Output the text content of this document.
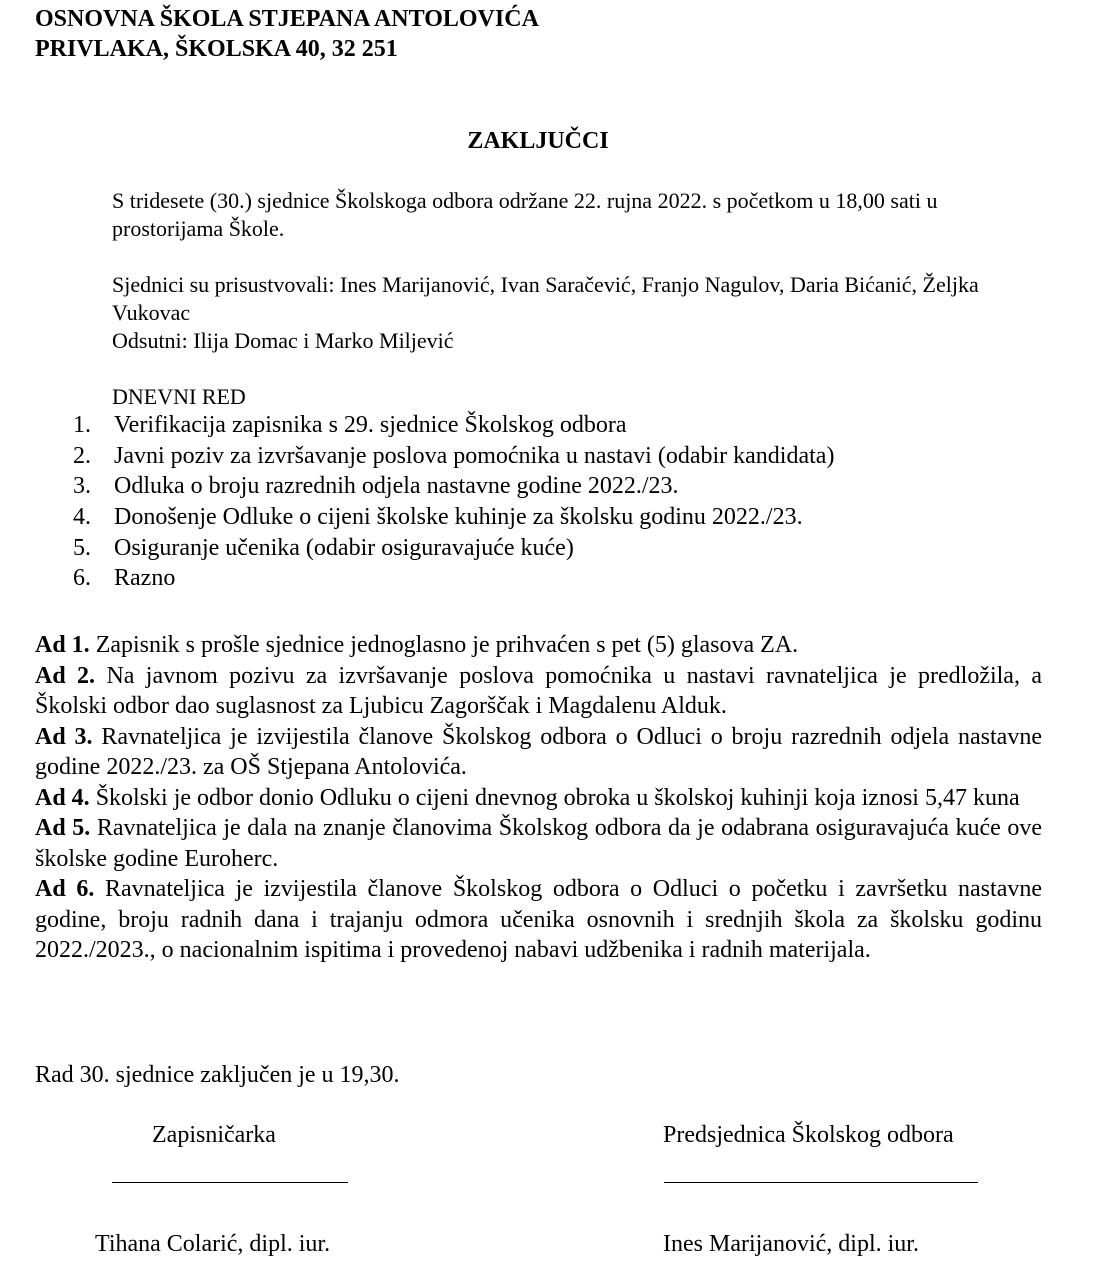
OSNOVNA ŠKOLA STJEPANA ANTOLOVIĆA
PRIVLAKA, ŠKOLSKA 40, 32 251
ZAKLJUČCI
S tridesete (30.) sjednice Školskoga odbora održane 22. rujna 2022. s početkom u 18,00 sati u prostorijama Škole.
Sjednici su prisustvovali: Ines Marijanović, Ivan Saračević, Franjo Nagulov, Daria Bićanić, Željka Vukovac
Odsutni: Ilija Domac i Marko Miljević
DNEVNI RED
1. Verifikacija zapisnika s 29. sjednice Školskog odbora
2. Javni poziv za izvršavanje poslova pomoćnika u nastavi (odabir kandidata)
3. Odluka o broju razrednih odjela nastavne godine 2022./23.
4. Donošenje Odluke o cijeni školske kuhinje za školsku godinu 2022./23.
5. Osiguranje učenika (odabir osiguravajuće kuće)
6. Razno

Ad 1. Zapisnik s prošle sjednice jednoglasno je prihvaćen s pet (5) glasova ZA.

Ad 2. Na javnom pozivu za izvršavanje poslova pomoćnika u nastavi ravnateljica je predložila, a Školski odbor dao suglasnost za Ljubicu Zagorščak i Magdalenu Alduk.

Ad 3. Ravnateljica je izvijestila članove Školskog odbora o Odluci o broju razrednih odjela nastavne godine 2022./23. za OŠ Stjepana Antolovića.

Ad 4. Školski je odbor donio Odluku o cijeni dnevnog obroka u školskoj kuhinji koja iznosi 5,47 kuna

Ad 5. Ravnateljica je dala na znanje članovima Školskog odbora da je odabrana osiguravajuća kuće ove školske godine Euroherc.

Ad 6. Ravnateljica je izvijestila članove Školskog odbora o Odluci o početku i završetku nastavne godine, broju radnih dana i trajanju odmora učenika osnovnih i srednjih škola za školsku godinu 2022./2023., o nacionalnim ispitima i provedenoj nabavi udžbenika i radnih materijala.

Rad 30. sjednice zaključen je u 19,30.
Zapisničarka	Predsjednica Školskog odbora
Tihana Colarić, dipl. iur.	Ines Marijanović, dipl. iur.
